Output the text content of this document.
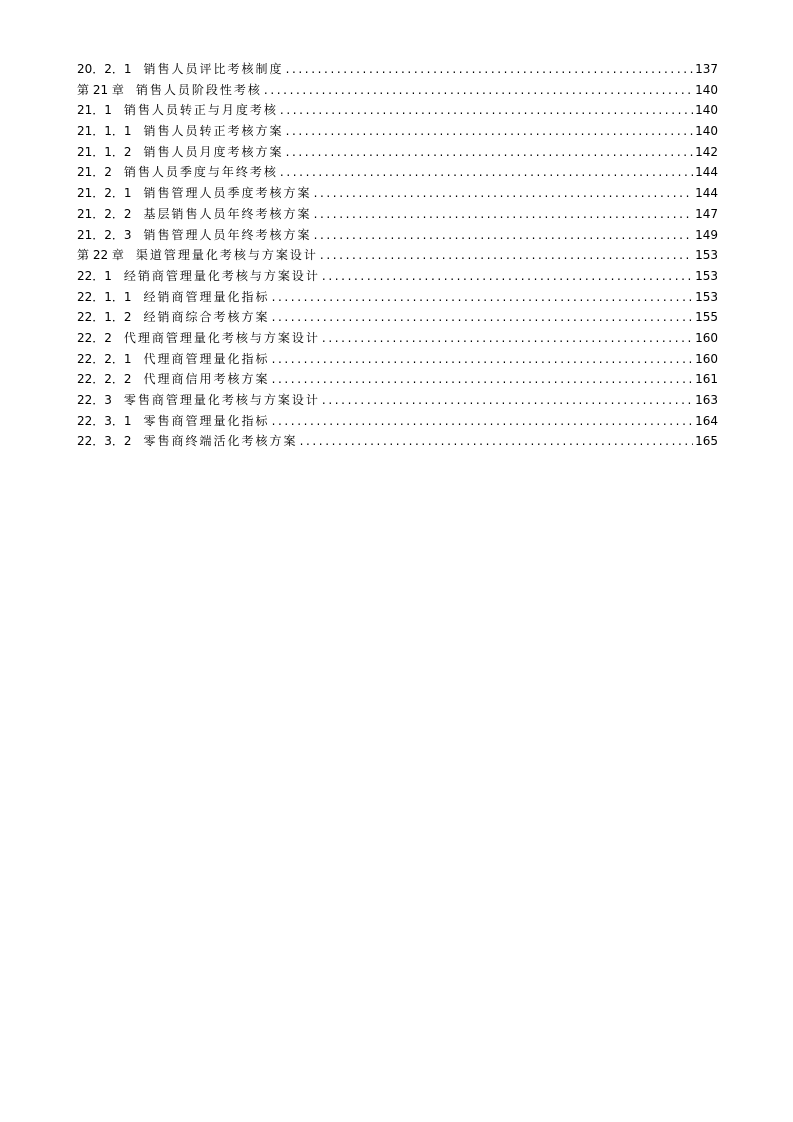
20．2．1 销售人员评比考核制度 .....	137
第 21 章 销售人员阶段性考核 .....	140
21．1 销售人员转正与月度考核 .....	140
21．1．1 销售人员转正考核方案 .....	140
21．1．2 销售人员月度考核方案 .....	142
21．2 销售人员季度与年终考核 .....	144
21．2．1 销售管理人员季度考核方案 .....	144
21．2．2 基层销售人员年终考核方案 .....	147
21．2．3 销售管理人员年终考核方案 .....	149
第 22 章 渠道管理量化考核与方案设计 .....	153
22．1 经销商管理量化考核与方案设计 .....	153
22．1．1 经销商管理量化指标 .....	153
22．1．2 经销商综合考核方案 .....	155
22．2 代理商管理量化考核与方案设计 .....	160
22．2．1 代理商管理量化指标 .....	160
22．2．2 代理商信用考核方案 .....	161
22．3 零售商管理量化考核与方案设计 .....	163
22．3．1 零售商管理量化指标 .....	164
22．3．2 零售商终端活化考核方案 .....	165
